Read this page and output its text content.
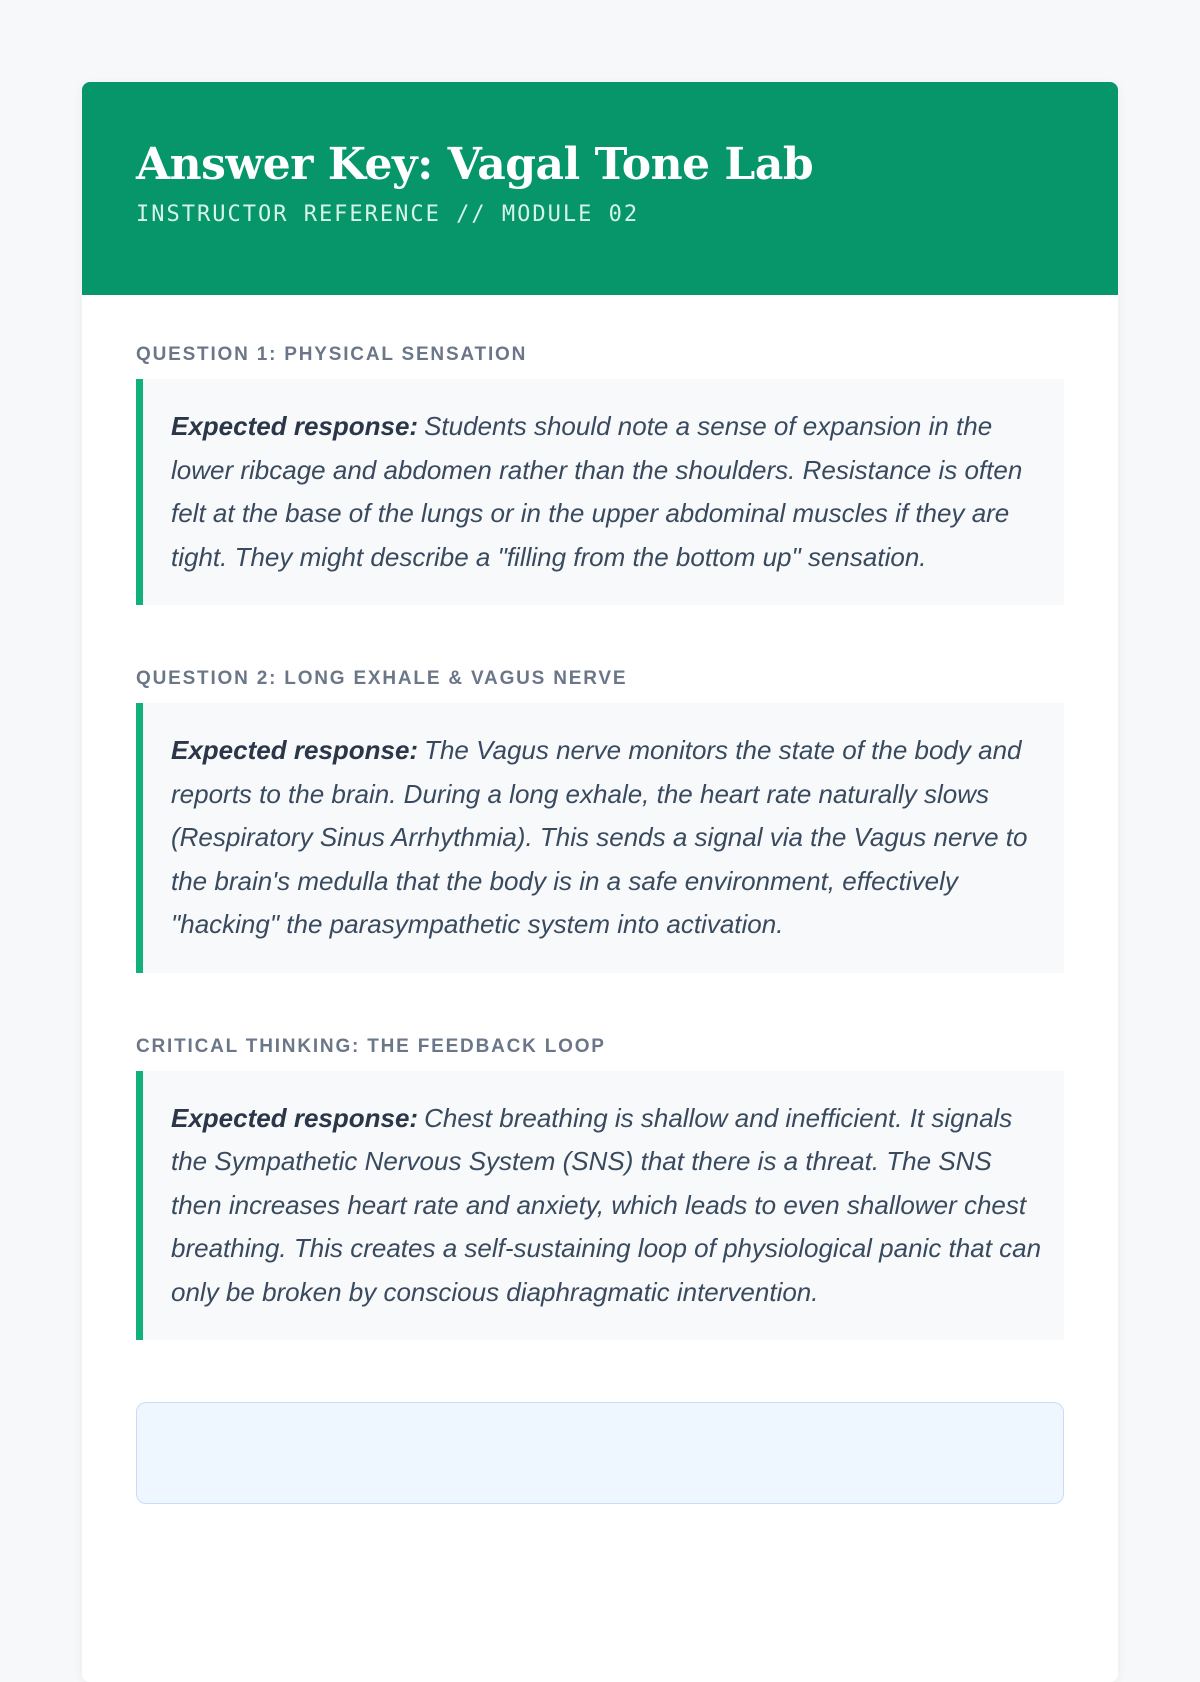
Answer Key: Vagal Tone Lab
INSTRUCTOR REFERENCE // MODULE 02
QUESTION 1: PHYSICAL SENSATION
Expected response: Students should note a sense of expansion in the lower ribcage and abdomen rather than the shoulders. Resistance is often felt at the base of the lungs or in the upper abdominal muscles if they are tight. They might describe a "filling from the bottom up" sensation.
QUESTION 2: LONG EXHALE & VAGUS NERVE
Expected response: The Vagus nerve monitors the state of the body and reports to the brain. During a long exhale, the heart rate naturally slows (Respiratory Sinus Arrhythmia). This sends a signal via the Vagus nerve to the brain's medulla that the body is in a safe environment, effectively "hacking" the parasympathetic system into activation.
CRITICAL THINKING: THE FEEDBACK LOOP
Expected response: Chest breathing is shallow and inefficient. It signals the Sympathetic Nervous System (SNS) that there is a threat. The SNS then increases heart rate and anxiety, which leads to even shallower chest breathing. This creates a self-sustaining loop of physiological panic that can only be broken by conscious diaphragmatic intervention.
